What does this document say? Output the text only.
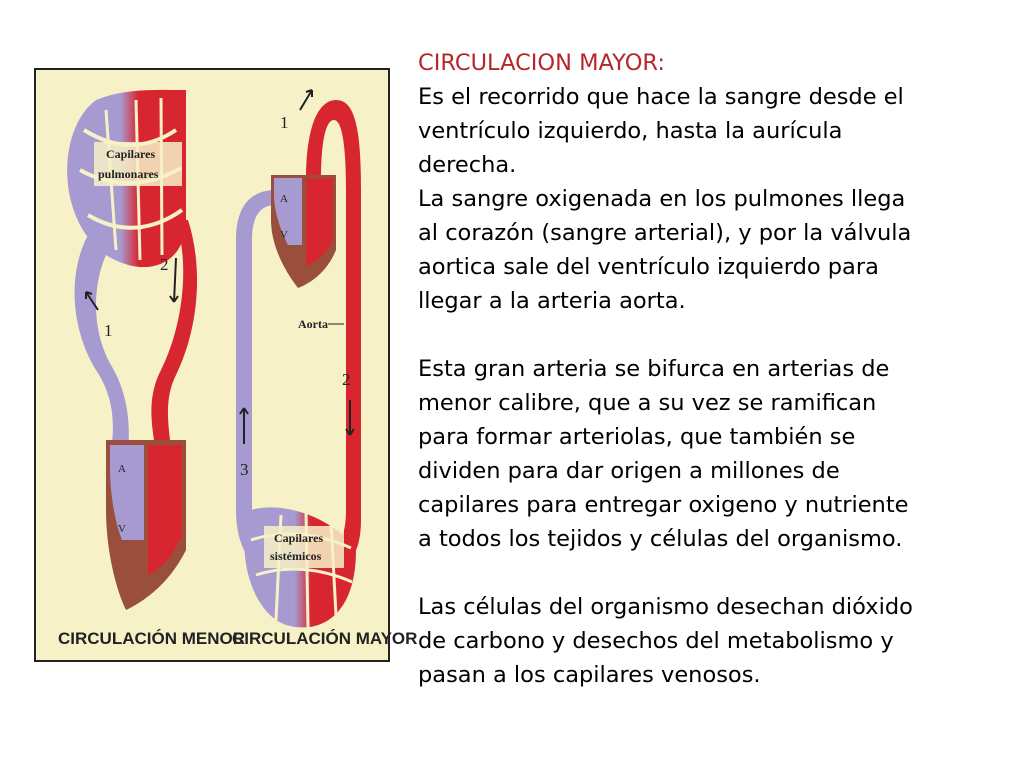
A
V
Capilares
pulmonares
1
2
A
V
Capilares
sistémicos
Aorta
1
2
3
CIRCULACIÓN MENOR
CIRCULACIÓN MAYOR

CIRCULACION MAYOR:

Es el recorrido que hace la sangre desde el

ventrículo izquierdo, hasta la aurícula

derecha.

La sangre oxigenada en los pulmones llega

al corazón (sangre arterial), y por la válvula

aortica sale del ventrículo izquierdo para

llegar a la arteria aorta.

Esta gran arteria se bifurca en arterias de

menor calibre, que a su vez se ramifican

para formar arteriolas, que también se

dividen para dar origen a millones de

capilares para entregar oxigeno y nutriente

a todos los tejidos y células del organismo.

Las células del organismo desechan dióxido

de carbono y desechos del metabolismo y

pasan a los capilares venosos.
